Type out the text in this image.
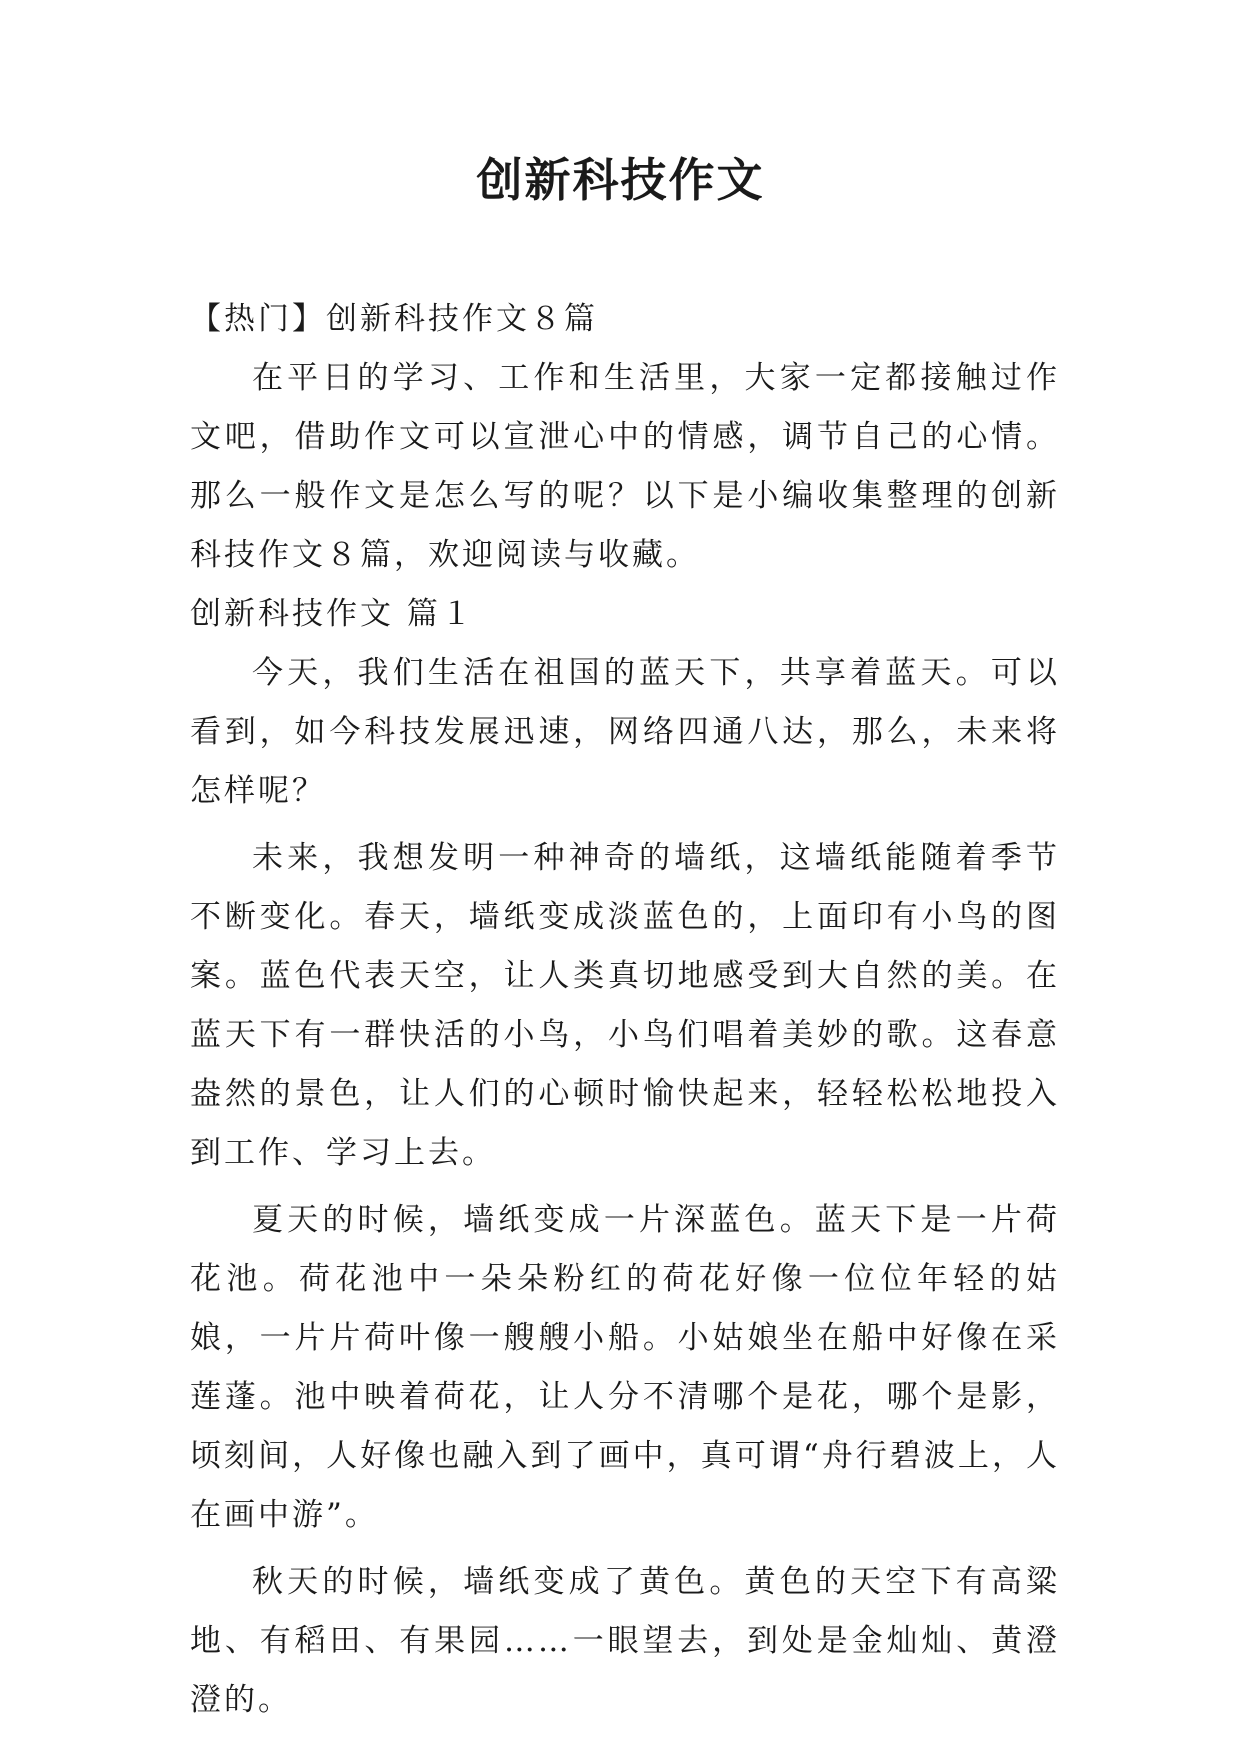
创新科技作文

【热门】创新科技作文８篇

在平日的学习、工作和生活里，大家一定都接触过作文吧，借助作文可以宣泄心中的情感，调节自己的心情。那么一般作文是怎么写的呢？以下是小编收集整理的创新科技作文８篇，欢迎阅读与收藏。

创新科技作文 篇１

今天，我们生活在祖国的蓝天下，共享着蓝天。可以看到，如今科技发展迅速，网络四通八达，那么，未来将怎样呢？

未来，我想发明一种神奇的墙纸，这墙纸能随着季节不断变化。春天，墙纸变成淡蓝色的，上面印有小鸟的图案。蓝色代表天空，让人类真切地感受到大自然的美。在蓝天下有一群快活的小鸟，小鸟们唱着美妙的歌。这春意盎然的景色，让人们的心顿时愉快起来，轻轻松松地投入到工作、学习上去。

夏天的时候，墙纸变成一片深蓝色。蓝天下是一片荷花池。荷花池中一朵朵粉红的荷花好像一位位年轻的姑娘，一片片荷叶像一艘艘小船。小姑娘坐在船中好像在采莲蓬。池中映着荷花，让人分不清哪个是花，哪个是影，顷刻间，人好像也融入到了画中，真可谓“舟行碧波上，人在画中游”。

秋天的时候，墙纸变成了黄色。黄色的天空下有高粱地、有稻田、有果园……一眼望去，到处是金灿灿、黄澄澄的。
